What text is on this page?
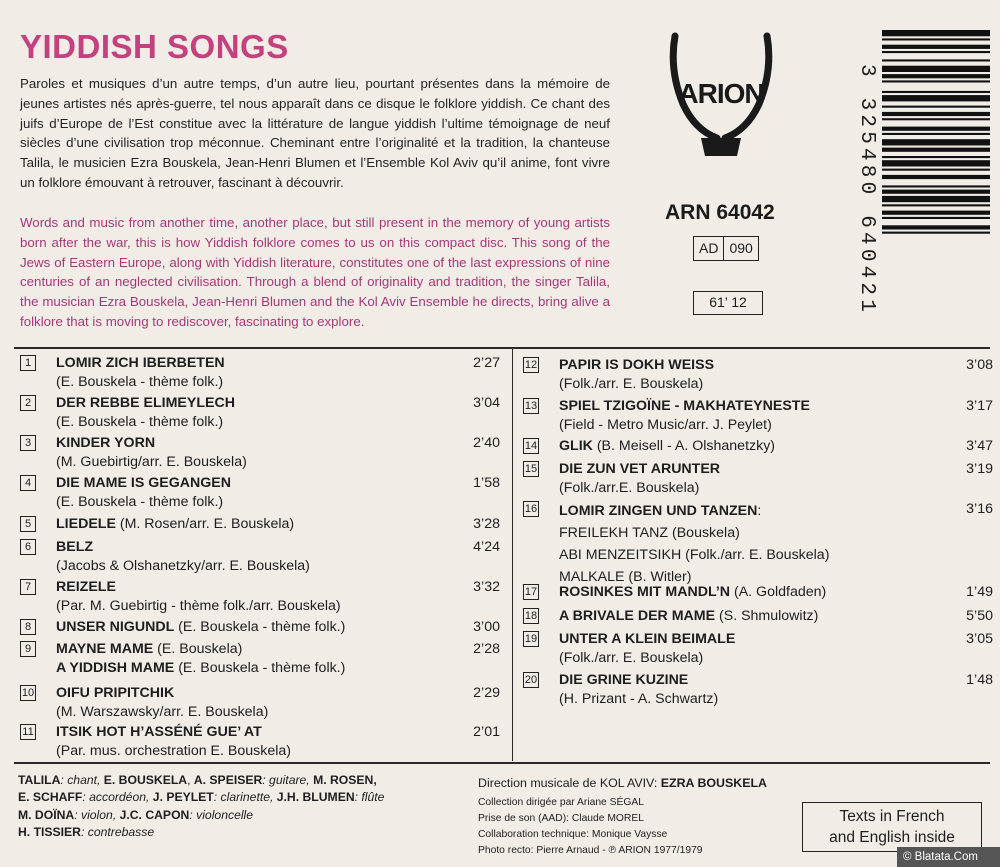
YIDDISH SONGS

Paroles et musiques d’un autre temps, d’un autre lieu, pourtant présentes dans la mémoire de jeunes artistes nés après-guerre, tel nous apparaît dans ce disque le folklore yiddish. Ce chant des juifs d’Europe de l’Est constitue avec la littérature de langue yiddish l’ultime témoignage de neuf siècles d’une civilisation trop méconnue. Cheminant entre l’originalité et la tradition, la chanteuse Talila, le musicien Ezra Bouskela, Jean-Henri Blumen et l’Ensemble Kol Aviv qu’il anime, font vivre un folklore émouvant à retrouver, fascinant à découvrir.

Words and music from another time, another place, but still present in the memory of young artists born after the war, this is how Yiddish folklore comes to us on this compact disc. This song of the Jews of Eastern Europe, along with Yiddish literature, constitutes one of the last expressions of nine centuries of an neglected civilisation. Through a blend of originality and tradition, the singer Talila, the musician Ezra Bouskela, Jean-Henri Blumen and the Kol Aviv Ensemble he directs, bring alive a folklore that is moving to rediscover, fascinating to explore.

ARION
ARN 64042
AD 090
61’ 12	3 325480 640421
1	LOMIR ZICH IBERBETEN
(E. Bouskela - thème folk.)
2’27
2	DER REBBE ELIMEYLECH
(E. Bouskela - thème folk.)
3’04
3	KINDER YORN
(M. Guebirtig/arr. E. Bouskela)
2’40
4	DIE MAME IS GEGANGEN
(E. Bouskela - thème folk.)
1’58
5	LIEDELE (M. Rosen/arr. E. Bouskela)	3’28
6	BELZ
(Jacobs & Olshanetzky/arr. E. Bouskela)
4’24
7	REIZELE
(Par. M. Guebirtig - thème folk./arr. Bouskela)
3’32
8	UNSER NIGUNDL (E. Bouskela - thème folk.)	3’00
9	MAYNE MAME (E. Bouskela)
A YIDDISH MAME (E. Bouskela - thème folk.)
2’28
10 OIFU PRIPITCHIK
(M. Warszawsky/arr. E. Bouskela)
2’29
11 ITSIK HOT H’ASSÉNÉ GUE’ AT
(Par. mus. orchestration E. Bouskela)
2’01
12 PAPIR IS DOKH WEISS
(Folk./arr. E. Bouskela)
3’08
13 SPIEL TZIGOÏNE - MAKHATEYNESTE
(Field - Metro Music/arr. J. Peylet)
3’17
14 GLIK (B. Meisell - A. Olshanetzky)	3’47
15 DIE ZUN VET ARUNTER
(Folk./arr.E. Bouskela)
3’19
16 LOMIR ZINGEN UND TANZEN:
FREILEKH TANZ (Bouskela)
ABI MENZEITSIKH (Folk./arr. E. Bouskela)
MALKALE (B. Witler)
3’16
17 ROSINKES MIT MANDL’N (A. Goldfaden)	1’49
18 A BRIVALE DER MAME (S. Shmulowitz)	5’50
19 UNTER A KLEIN BEIMALE
(Folk./arr. E. Bouskela)
3’05
20 DIE GRINE KUZINE
(H. Prizant - A. Schwartz)
1’48
TALILA: chant, E. BOUSKELA, A. SPEISER: guitare, M. ROSEN,
E. SCHAFF: accordéon, J. PEYLET: clarinette, J.H. BLUMEN: flûte
M. DOÏNA: violon, J.C. CAPON: violoncelle
H. TISSIER: contrebasse
Direction musicale de KOL AVIV: EZRA BOUSKELA
Collection dirigée par Ariane SÉGAL
Prise de son (AAD): Claude MOREL
Collaboration technique: Monique Vaysse
Photo recto: Pierre Arnaud - ℗ ARION 1977/1979
Texts in French
and English inside
© Blatata.Com
